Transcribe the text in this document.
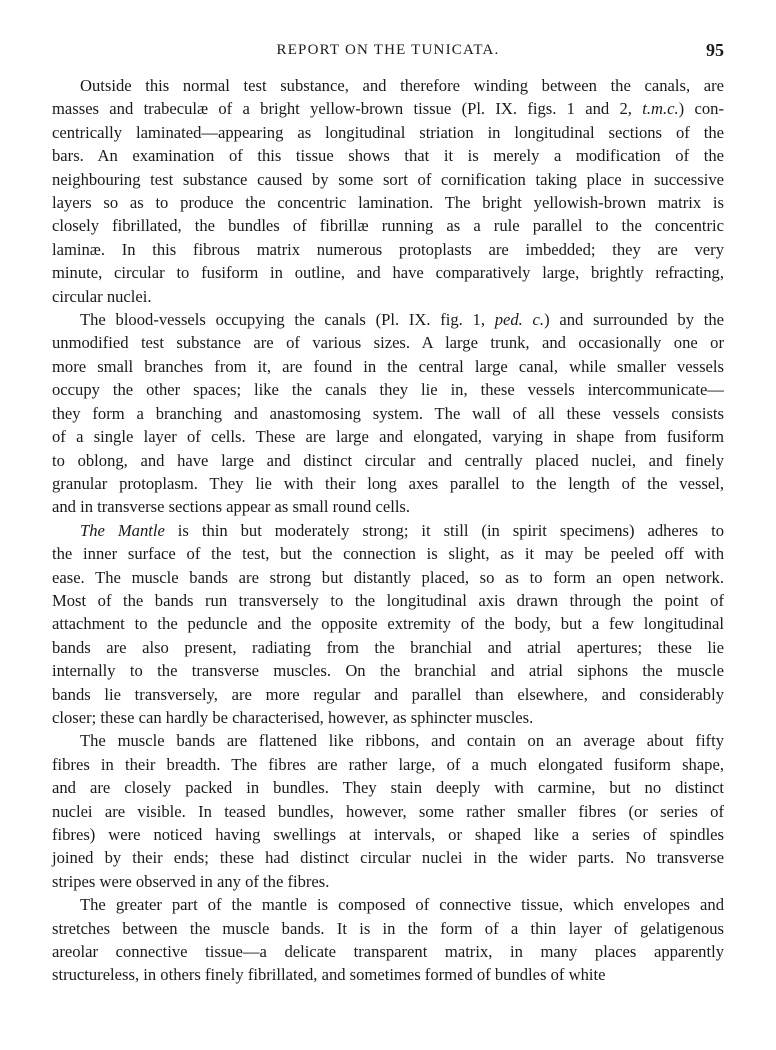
REPORT ON THE TUNICATA.	95
Outside this normal test substance, and therefore winding between the canals, are
masses and trabeculæ of a bright yellow-brown tissue (Pl. IX. figs. 1 and 2, t.m.c.) con-
centrically laminated—appearing as longitudinal striation in longitudinal sections of the
bars. An examination of this tissue shows that it is merely a modification of the
neighbouring test substance caused by some sort of cornification taking place in successive
layers so as to produce the concentric lamination. The bright yellowish-brown matrix is
closely fibrillated, the bundles of fibrillæ running as a rule parallel to the concentric
laminæ. In this fibrous matrix numerous protoplasts are imbedded; they are very
minute, circular to fusiform in outline, and have comparatively large, brightly refracting,
circular nuclei.
The blood-vessels occupying the canals (Pl. IX. fig. 1, ped. c.) and surrounded by the
unmodified test substance are of various sizes. A large trunk, and occasionally one or
more small branches from it, are found in the central large canal, while smaller vessels
occupy the other spaces; like the canals they lie in, these vessels intercommunicate—
they form a branching and anastomosing system. The wall of all these vessels consists
of a single layer of cells. These are large and elongated, varying in shape from fusiform
to oblong, and have large and distinct circular and centrally placed nuclei, and finely
granular protoplasm. They lie with their long axes parallel to the length of the vessel,
and in transverse sections appear as small round cells.
The Mantle is thin but moderately strong; it still (in spirit specimens) adheres to
the inner surface of the test, but the connection is slight, as it may be peeled off with
ease. The muscle bands are strong but distantly placed, so as to form an open network.
Most of the bands run transversely to the longitudinal axis drawn through the point of
attachment to the peduncle and the opposite extremity of the body, but a few longitudinal
bands are also present, radiating from the branchial and atrial apertures; these lie
internally to the transverse muscles. On the branchial and atrial siphons the muscle
bands lie transversely, are more regular and parallel than elsewhere, and considerably
closer; these can hardly be characterised, however, as sphincter muscles.
The muscle bands are flattened like ribbons, and contain on an average about fifty
fibres in their breadth. The fibres are rather large, of a much elongated fusiform shape,
and are closely packed in bundles. They stain deeply with carmine, but no distinct
nuclei are visible. In teased bundles, however, some rather smaller fibres (or series of
fibres) were noticed having swellings at intervals, or shaped like a series of spindles
joined by their ends; these had distinct circular nuclei in the wider parts. No transverse
stripes were observed in any of the fibres.
The greater part of the mantle is composed of connective tissue, which envelopes and
stretches between the muscle bands. It is in the form of a thin layer of gelatigenous
areolar connective tissue—a delicate transparent matrix, in many places apparently
structureless, in others finely fibrillated, and sometimes formed of bundles of white
